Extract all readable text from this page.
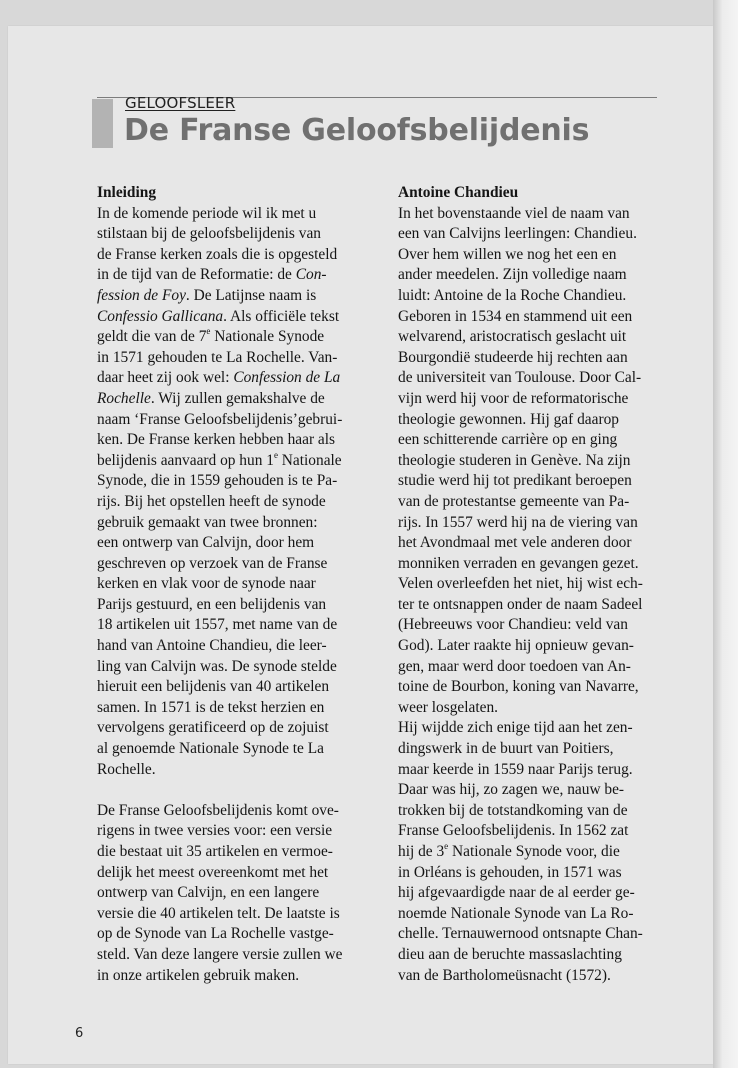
GELOOFSLEER
De Franse Geloofsbelijdenis
Inleiding

In de komende periode wil ik met u
stilstaan bij de geloofsbelijdenis van
de Franse kerken zoals die is opgesteld
in de tijd van de Reformatie: de Con-
fession de Foy. De Latijnse naam is
Confessio Gallicana. Als officiële tekst
geldt die van de 7e Nationale Synode
in 1571 gehouden te La Rochelle. Van-
daar heet zij ook wel: Confession de La
Rochelle. Wij zullen gemakshalve de
naam ‘Franse Geloofsbelijdenis’gebrui-
ken. De Franse kerken hebben haar als
belijdenis aanvaard op hun 1e Nationale
Synode, die in 1559 gehouden is te Pa-
rijs. Bij het opstellen heeft de synode
gebruik gemaakt van twee bronnen:
een ontwerp van Calvijn, door hem
geschreven op verzoek van de Franse
kerken en vlak voor de synode naar
Parijs gestuurd, en een belijdenis van
18 artikelen uit 1557, met name van de
hand van Antoine Chandieu, die leer-
ling van Calvijn was. De synode stelde
hieruit een belijdenis van 40 artikelen
samen. In 1571 is de tekst herzien en
vervolgens geratificeerd op de zojuist
al genoemde Nationale Synode te La
Rochelle.

De Franse Geloofsbelijdenis komt ove-
rigens in twee versies voor: een versie
die bestaat uit 35 artikelen en vermoe-
delijk het meest overeenkomt met het
ontwerp van Calvijn, en een langere
versie die 40 artikelen telt. De laatste is
op de Synode van La Rochelle vastge-
steld. Van deze langere versie zullen we
in onze artikelen gebruik maken.

Antoine Chandieu

In het bovenstaande viel de naam van
een van Calvijns leerlingen: Chandieu.
Over hem willen we nog het een en
ander meedelen. Zijn volledige naam
luidt: Antoine de la Roche Chandieu.
Geboren in 1534 en stammend uit een
welvarend, aristocratisch geslacht uit
Bourgondië studeerde hij rechten aan
de universiteit van Toulouse. Door Cal-
vijn werd hij voor de reformatorische
theologie gewonnen. Hij gaf daarop
een schitterende carrière op en ging
theologie studeren in Genève. Na zijn
studie werd hij tot predikant beroepen
van de protestantse gemeente van Pa-
rijs. In 1557 werd hij na de viering van
het Avondmaal met vele anderen door
monniken verraden en gevangen gezet.
Velen overleefden het niet, hij wist ech-
ter te ontsnappen onder de naam Sadeel
(Hebreeuws voor Chandieu: veld van
God). Later raakte hij opnieuw gevan-
gen, maar werd door toedoen van An-
toine de Bourbon, koning van Navarre,
weer losgelaten.

Hij wijdde zich enige tijd aan het zen-
dingswerk in de buurt van Poitiers,
maar keerde in 1559 naar Parijs terug.
Daar was hij, zo zagen we, nauw be-
trokken bij de totstandkoming van de
Franse Geloofsbelijdenis. In 1562 zat
hij de 3e Nationale Synode voor, die
in Orléans is gehouden, in 1571 was
hij afgevaardigde naar de al eerder ge-
noemde Nationale Synode van La Ro-
chelle. Ternauwernood ontsnapte Chan-
dieu aan de beruchte massaslachting
van de Bartholomeüsnacht (1572).

6
